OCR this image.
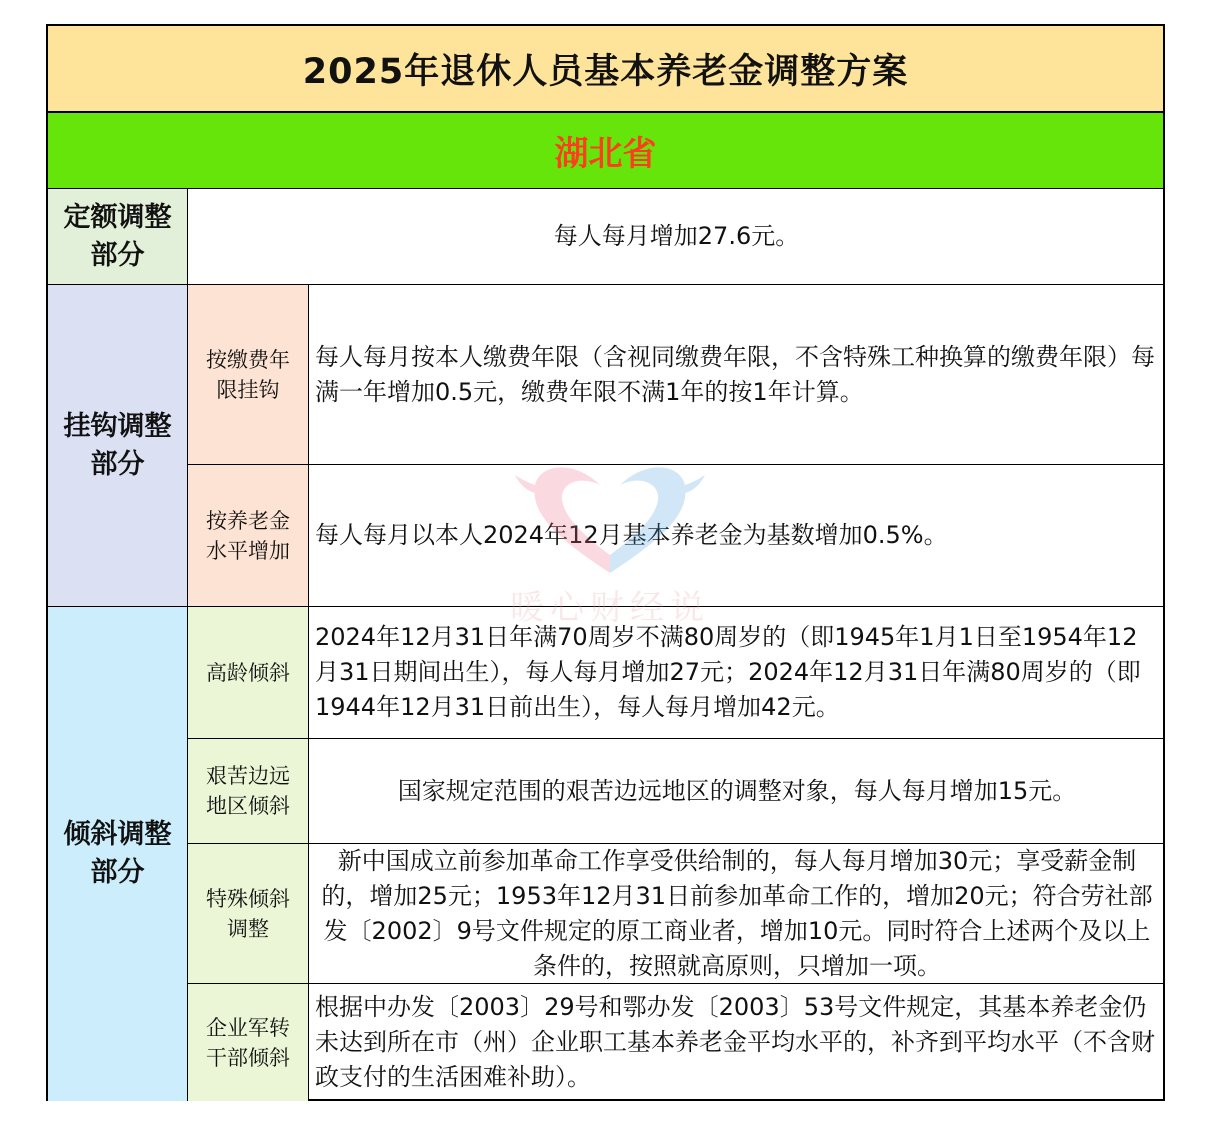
2025年退休人员基本养老金调整方案
湖北省
定额调整部分
每人每月增加27.6元。
挂钩调整部分
按缴费年限挂钩
每人每月按本人缴费年限（含视同缴费年限，不含特殊工种换算的缴费年限）每满一年增加0.5元，缴费年限不满1年的按1年计算。
按养老金水平增加
每人每月以本人2024年12月基本养老金为基数增加0.5%。
倾斜调整部分
高龄倾斜
2024年12月31日年满70周岁不满80周岁的（即1945年1月1日至1954年12月31日期间出生），每人每月增加27元；2024年12月31日年满80周岁的（即1944年12月31日前出生），每人每月增加42元。
艰苦边远地区倾斜
国家规定范围的艰苦边远地区的调整对象，每人每月增加15元。
特殊倾斜调整
新中国成立前参加革命工作享受供给制的，每人每月增加30元；享受薪金制的，增加25元；1953年12月31日前参加革命工作的，增加20元；符合劳社部发〔2002〕9号文件规定的原工商业者，增加10元。同时符合上述两个及以上条件的，按照就高原则，只增加一项。
企业军转干部倾斜
根据中办发〔2003〕29号和鄂办发〔2003〕53号文件规定，其基本养老金仍未达到所在市（州）企业职工基本养老金平均水平的，补齐到平均水平（不含财政支付的生活困难补助）。
暖心财经说
